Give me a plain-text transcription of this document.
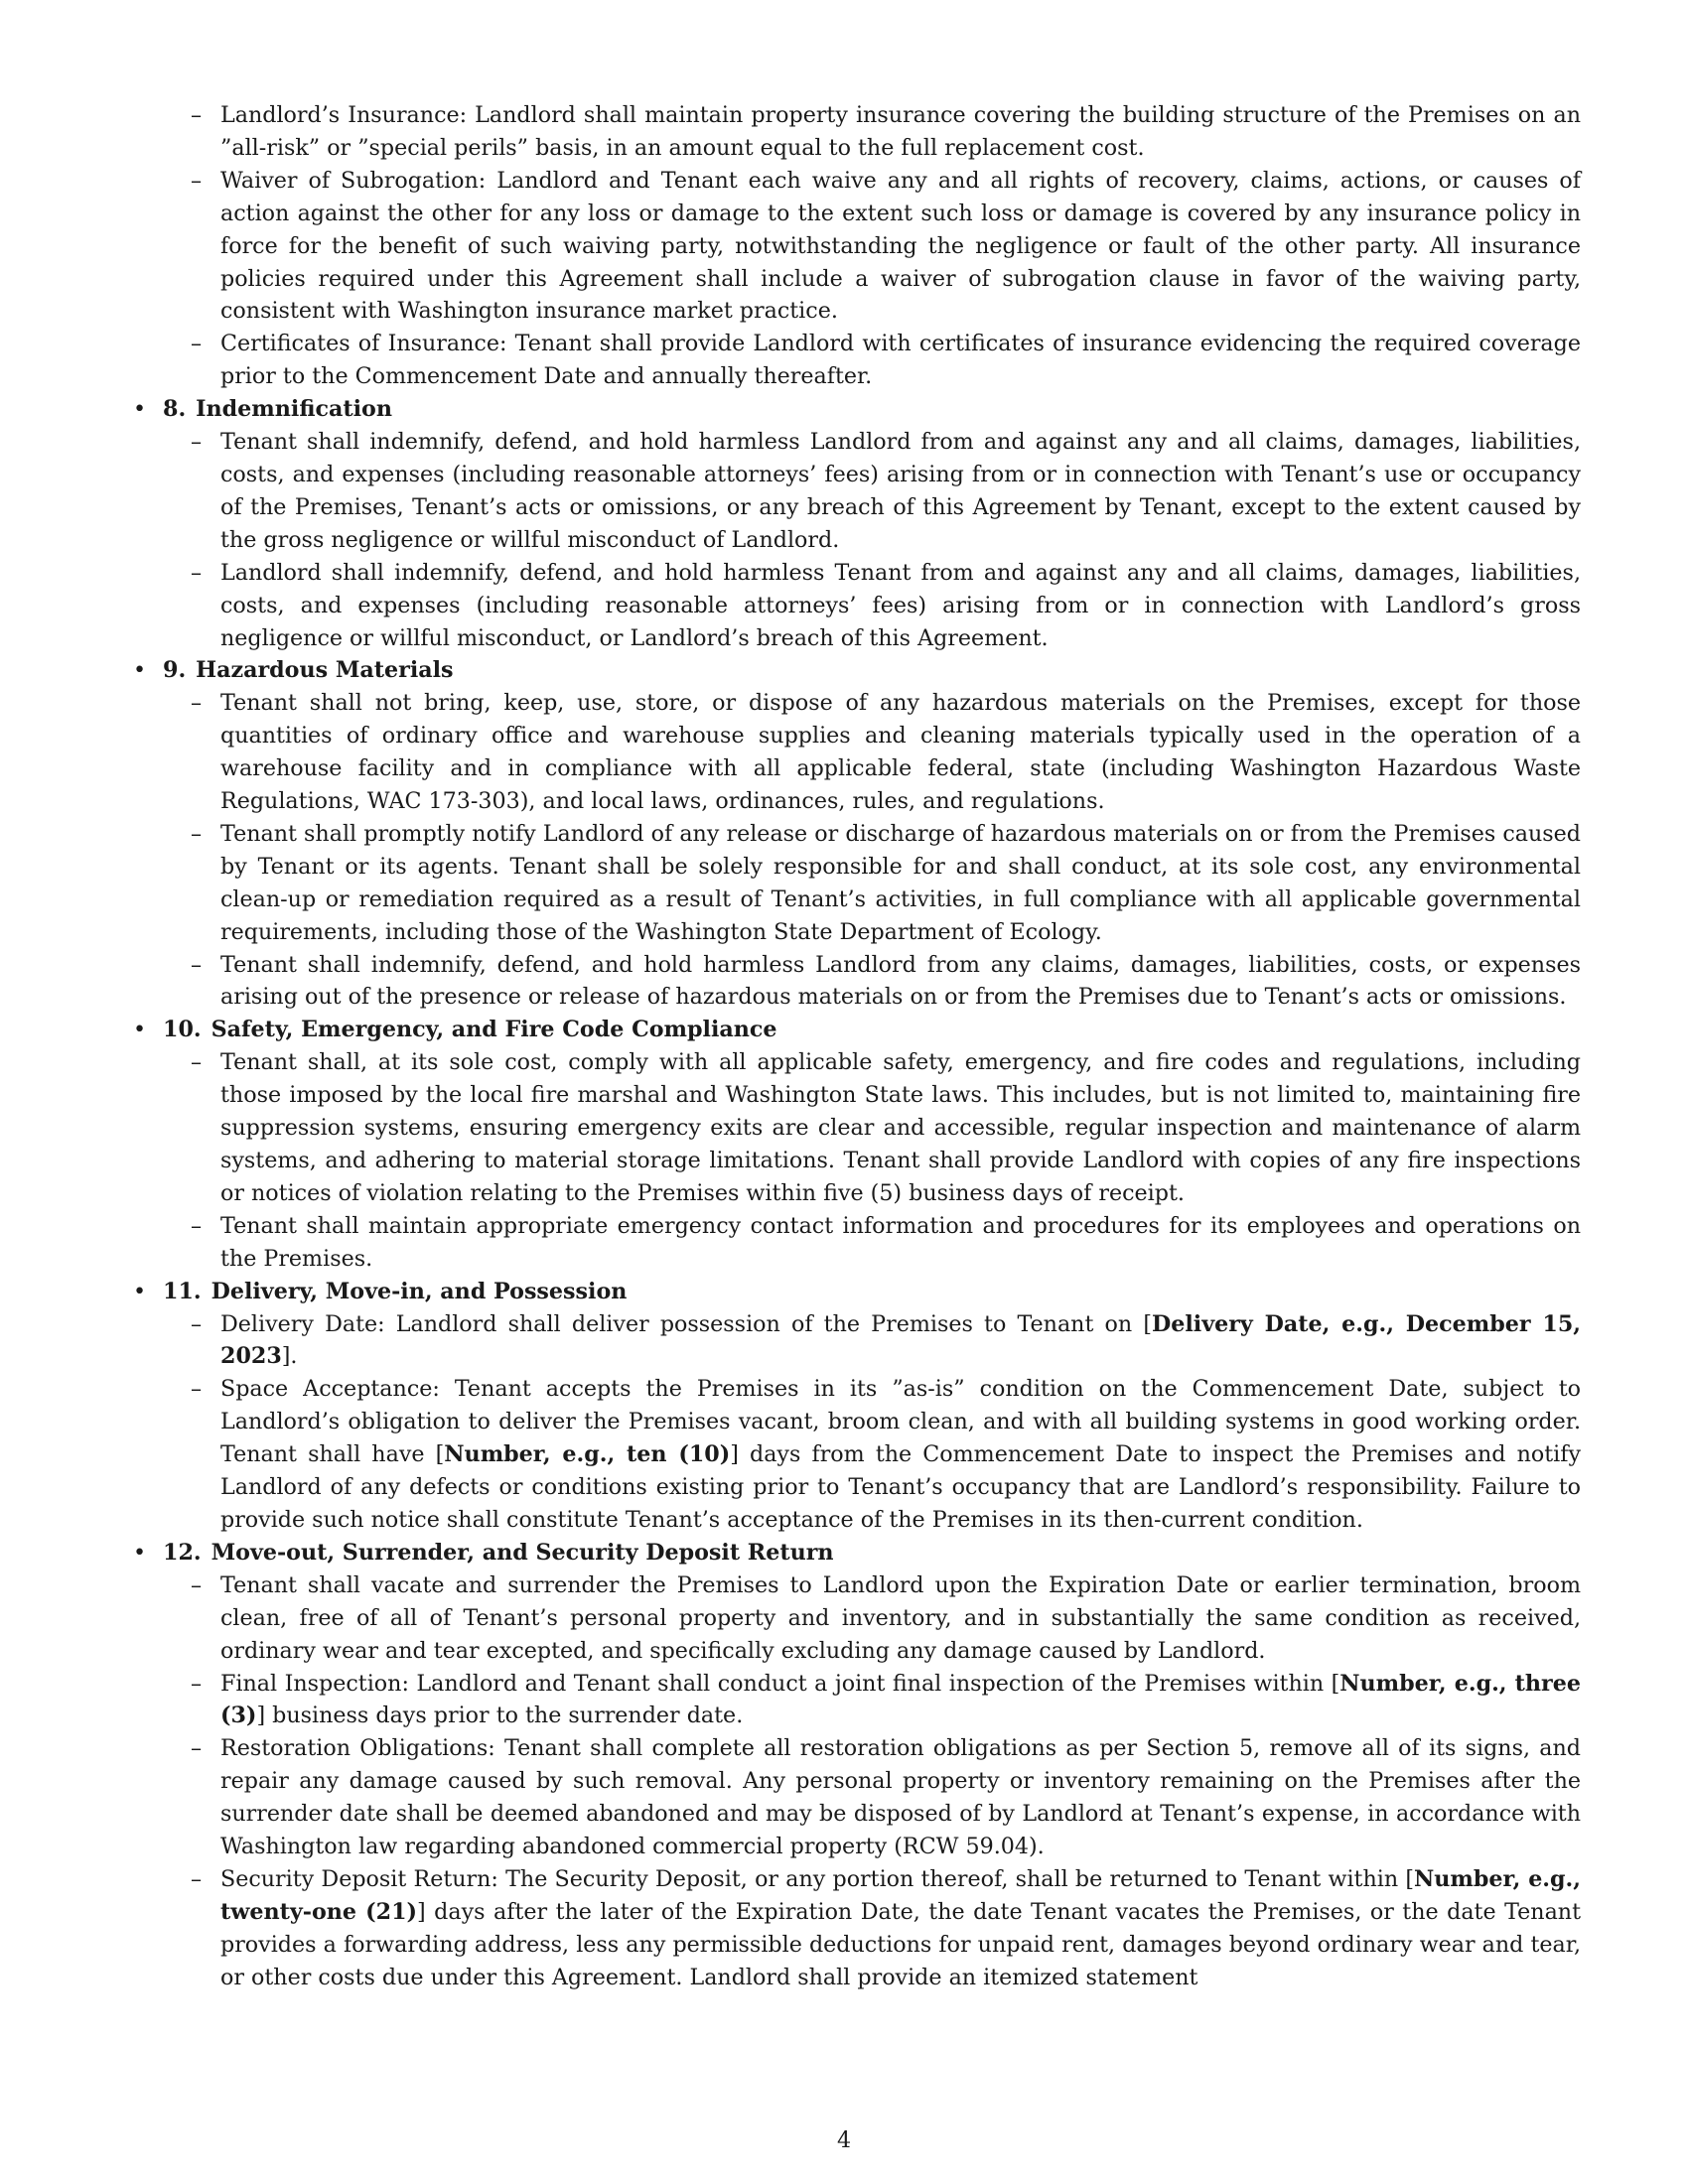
– Landlord’s Insurance: Landlord shall maintain property insurance covering the building structure of the Premises on an ”all-risk” or ”special perils” basis, in an amount equal to the full replacement cost.
– Waiver of Subrogation: Landlord and Tenant each waive any and all rights of recovery, claims, actions, or causes of action against the other for any loss or damage to the extent such loss or damage is covered by any insurance policy in force for the benefit of such waiving party, notwithstanding the negligence or fault of the other party. All insurance policies required under this Agreement shall include a waiver of subrogation clause in favor of the waiving party, consistent with Washington insurance market practice.
– Certificates of Insurance: Tenant shall provide Landlord with certificates of insurance evidencing the required coverage prior to the Commencement Date and annually thereafter.
• 8. Indemnification
– Tenant shall indemnify, defend, and hold harmless Landlord from and against any and all claims, damages, liabilities, costs, and expenses (including reasonable attorneys’ fees) arising from or in connection with Tenant’s use or occupancy of the Premises, Tenant’s acts or omissions, or any breach of this Agreement by Tenant, except to the extent caused by the gross negligence or willful misconduct of Landlord.
– Landlord shall indemnify, defend, and hold harmless Tenant from and against any and all claims, damages, liabilities, costs, and expenses (including reasonable attorneys’ fees) arising from or in connection with Landlord’s gross negligence or willful misconduct, or Landlord’s breach of this Agreement.
• 9. Hazardous Materials
– Tenant shall not bring, keep, use, store, or dispose of any hazardous materials on the Premises, except for those quantities of ordinary office and warehouse supplies and cleaning materials typically used in the operation of a warehouse facility and in compliance with all applicable federal, state (including Washington Hazardous Waste Regulations, WAC 173-303), and local laws, ordinances, rules, and regulations.
– Tenant shall promptly notify Landlord of any release or discharge of hazardous materials on or from the Premises caused by Tenant or its agents. Tenant shall be solely responsible for and shall conduct, at its sole cost, any environmental clean-up or remediation required as a result of Tenant’s activities, in full compliance with all applicable governmental requirements, including those of the Washington State Department of Ecology.
– Tenant shall indemnify, defend, and hold harmless Landlord from any claims, damages, liabilities, costs, or expenses arising out of the presence or release of hazardous materials on or from the Premises due to Tenant’s acts or omissions.
• 10. Safety, Emergency, and Fire Code Compliance
– Tenant shall, at its sole cost, comply with all applicable safety, emergency, and fire codes and regulations, including those imposed by the local fire marshal and Washington State laws. This includes, but is not limited to, maintaining fire suppression systems, ensuring emergency exits are clear and accessible, regular inspection and maintenance of alarm systems, and adhering to material storage limitations. Tenant shall provide Landlord with copies of any fire inspections or notices of violation relating to the Premises within five (5) business days of receipt.
– Tenant shall maintain appropriate emergency contact information and procedures for its employees and operations on the Premises.
• 11. Delivery, Move-in, and Possession
– Delivery Date: Landlord shall deliver possession of the Premises to Tenant on [Delivery Date, e.g., December 15, 2023].
– Space Acceptance: Tenant accepts the Premises in its ”as-is” condition on the Commencement Date, subject to Landlord’s obligation to deliver the Premises vacant, broom clean, and with all building systems in good working order. Tenant shall have [Number, e.g., ten (10)] days from the Commencement Date to inspect the Premises and notify Landlord of any defects or conditions existing prior to Tenant’s occupancy that are Landlord’s responsibility. Failure to provide such notice shall constitute Tenant’s acceptance of the Premises in its then-current condition.
• 12. Move-out, Surrender, and Security Deposit Return
– Tenant shall vacate and surrender the Premises to Landlord upon the Expiration Date or earlier termination, broom clean, free of all of Tenant’s personal property and inventory, and in substantially the same condition as received, ordinary wear and tear excepted, and specifically excluding any damage caused by Landlord.
– Final Inspection: Landlord and Tenant shall conduct a joint final inspection of the Premises within [Number, e.g., three (3)] business days prior to the surrender date.
– Restoration Obligations: Tenant shall complete all restoration obligations as per Section 5, remove all of its signs, and repair any damage caused by such removal. Any personal property or inventory remaining on the Premises after the surrender date shall be deemed abandoned and may be disposed of by Landlord at Tenant’s expense, in accordance with Washington law regarding abandoned commercial property (RCW 59.04).
– Security Deposit Return: The Security Deposit, or any portion thereof, shall be returned to Tenant within [Number, e.g., twenty-one (21)] days after the later of the Expiration Date, the date Tenant vacates the Premises, or the date Tenant provides a forwarding address, less any permissible deductions for unpaid rent, damages beyond ordinary wear and tear, or other costs due under this Agreement. Landlord shall provide an itemized statement
4
